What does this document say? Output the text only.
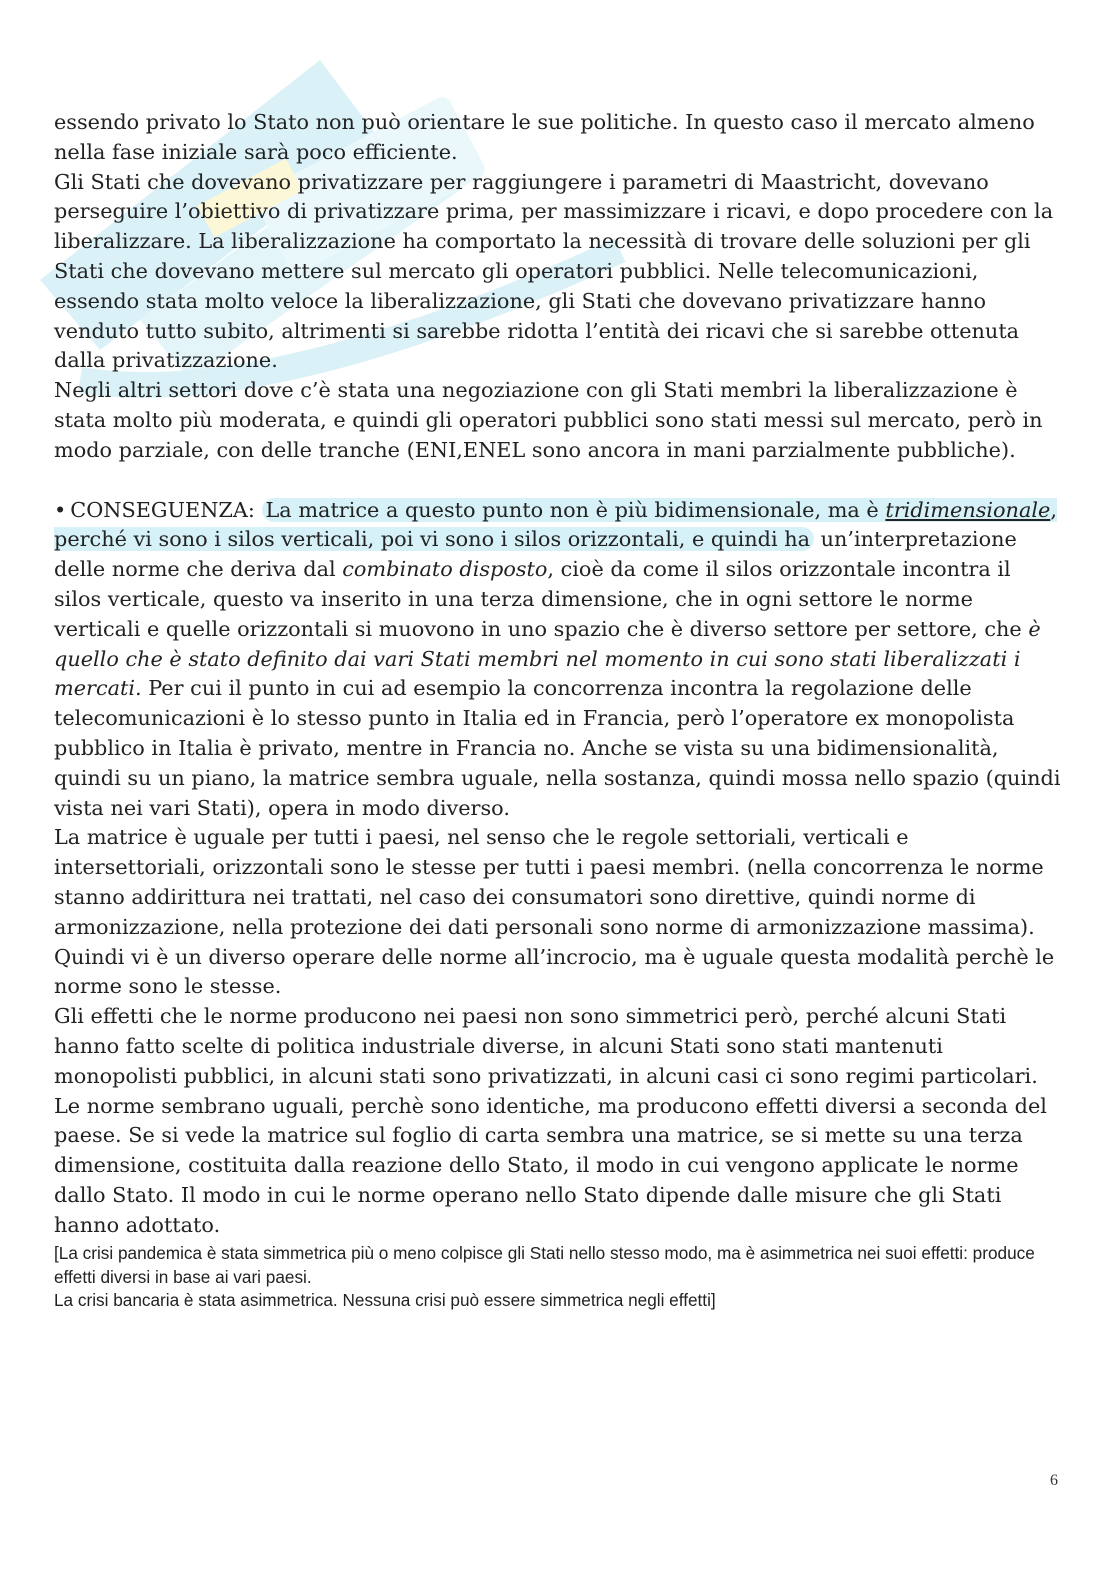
essendo privato lo Stato non può orientare le sue politiche. In questo caso il mercato almeno nella fase iniziale sarà poco efficiente.

Gli Stati che dovevano privatizzare per raggiungere i parametri di Maastricht, dovevano perseguire l’obiettivo di privatizzare prima, per massimizzare i ricavi, e dopo procedere con la liberalizzare. La liberalizzazione ha comportato la necessità di trovare delle soluzioni per gli Stati che dovevano mettere sul mercato gli operatori pubblici. Nelle telecomunicazioni, essendo stata molto veloce la liberalizzazione, gli Stati che dovevano privatizzare hanno venduto tutto subito, altrimenti si sarebbe ridotta l’entità dei ricavi che si sarebbe ottenuta dalla privatizzazione.

Negli altri settori dove c’è stata una negoziazione con gli Stati membri la liberalizzazione è stata molto più moderata, e quindi gli operatori pubblici sono stati messi sul mercato, però in modo parziale, con delle tranche (ENI,ENEL sono ancora in mani parzialmente pubbliche).

• CONSEGUENZA: La matrice a questo punto non è più bidimensionale, ma è tridimensionale, perché vi sono i silos verticali, poi vi sono i silos orizzontali, e quindi ha un’interpretazione delle norme che deriva dal combinato disposto, cioè da come il silos orizzontale incontra il silos verticale, questo va inserito in una terza dimensione, che in ogni settore le norme verticali e quelle orizzontali si muovono in uno spazio che è diverso settore per settore, che è quello che è stato definito dai vari Stati membri nel momento in cui sono stati liberalizzati i mercati. Per cui il punto in cui ad esempio la concorrenza incontra la regolazione delle telecomunicazioni è lo stesso punto in Italia ed in Francia, però l’operatore ex monopolista pubblico in Italia è privato, mentre in Francia no. Anche se vista su una bidimensionalità, quindi su un piano, la matrice sembra uguale, nella sostanza, quindi mossa nello spazio (quindi vista nei vari Stati), opera in modo diverso.

La matrice è uguale per tutti i paesi, nel senso che le regole settoriali, verticali e intersettoriali, orizzontali sono le stesse per tutti i paesi membri. (nella concorrenza le norme stanno addirittura nei trattati, nel caso dei consumatori sono direttive, quindi norme di armonizzazione, nella protezione dei dati personali sono norme di armonizzazione massima). Quindi vi è un diverso operare delle norme all’incrocio, ma è uguale questa modalità perchè le norme sono le stesse.

Gli effetti che le norme producono nei paesi non sono simmetrici però, perché alcuni Stati hanno fatto scelte di politica industriale diverse, in alcuni Stati sono stati mantenuti monopolisti pubblici, in alcuni stati sono privatizzati, in alcuni casi ci sono regimi particolari. Le norme sembrano uguali, perchè sono identiche, ma producono effetti diversi a seconda del paese. Se si vede la matrice sul foglio di carta sembra una matrice, se si mette su una terza dimensione, costituita dalla reazione dello Stato, il modo in cui vengono applicate le norme dallo Stato. Il modo in cui le norme operano nello Stato dipende dalle misure che gli Stati hanno adottato.

[La crisi pandemica è stata simmetrica più o meno colpisce gli Stati nello stesso modo, ma è asimmetrica nei suoi effetti: produce effetti diversi in base ai vari paesi.

La crisi bancaria è stata asimmetrica. Nessuna crisi può essere simmetrica negli effetti]

6
